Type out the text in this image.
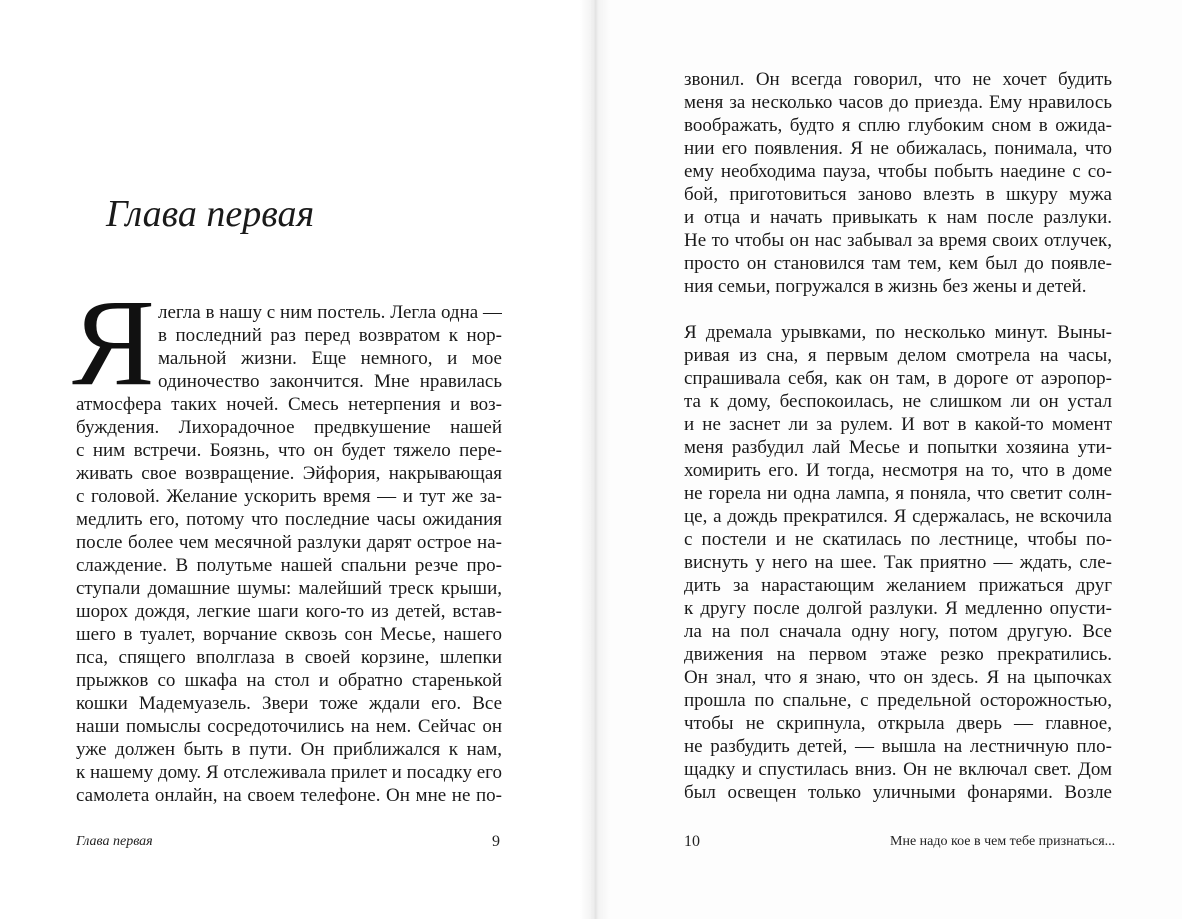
Глава первая
Я легла в нашу с ним постель. Легла одна —
в последний раз перед возвратом к нор-
мальной жизни. Еще немного, и мое
одиночество закончится. Мне нравилась
атмосфера таких ночей. Смесь нетерпения и воз-
буждения. Лихорадочное предвкушение нашей
с ним встречи. Боязнь, что он будет тяжело пере-
живать свое возвращение. Эйфория, накрывающая
с головой. Желание ускорить время — и тут же за-
медлить его, потому что последние часы ожидания
после более чем месячной разлуки дарят острое на-
слаждение. В полутьме нашей спальни резче про-
ступали домашние шумы: малейший треск крыши,
шорох дождя, легкие шаги кого-то из детей, встав-
шего в туалет, ворчание сквозь сон Месье, нашего
пса, спящего вполглаза в своей корзине, шлепки
прыжков со шкафа на стол и обратно старенькой
кошки Мадемуазель. Звери тоже ждали его. Все
наши помыслы сосредоточились на нем. Сейчас он
уже должен быть в пути. Он приближался к нам,
к нашему дому. Я отслеживала прилет и посадку его
самолета онлайн, на своем телефоне. Он мне не по-
Глава первая	9
звонил. Он всегда говорил, что не хочет будить
меня за несколько часов до приезда. Ему нравилось
воображать, будто я сплю глубоким сном в ожида-
нии его появления. Я не обижалась, понимала, что
ему необходима пауза, чтобы побыть наедине с со-
бой, приготовиться заново влезть в шкуру мужа
и отца и начать привыкать к нам после разлуки.
Не то чтобы он нас забывал за время своих отлучек,
просто он становился там тем, кем был до появле-
ния семьи, погружался в жизнь без жены и детей.
Я дремала урывками, по несколько минут. Выны-
ривая из сна, я первым делом смотрела на часы,
спрашивала себя, как он там, в дороге от аэропор-
та к дому, беспокоилась, не слишком ли он устал
и не заснет ли за рулем. И вот в какой-то момент
меня разбудил лай Месье и попытки хозяина ути-
хомирить его. И тогда, несмотря на то, что в доме
не горела ни одна лампа, я поняла, что светит солн-
це, а дождь прекратился. Я сдержалась, не вскочила
с постели и не скатилась по лестнице, чтобы по-
виснуть у него на шее. Так приятно — ждать, сле-
дить за нарастающим желанием прижаться друг
к другу после долгой разлуки. Я медленно опусти-
ла на пол сначала одну ногу, потом другую. Все
движения на первом этаже резко прекратились.
Он знал, что я знаю, что он здесь. Я на цыпочках
прошла по спальне, с предельной осторожностью,
чтобы не скрипнула, открыла дверь — главное,
не разбудить детей, — вышла на лестничную пло-
щадку и спустилась вниз. Он не включал свет. Дом
был освещен только уличными фонарями. Возле
10	Мне надо кое в чем тебе признаться...
